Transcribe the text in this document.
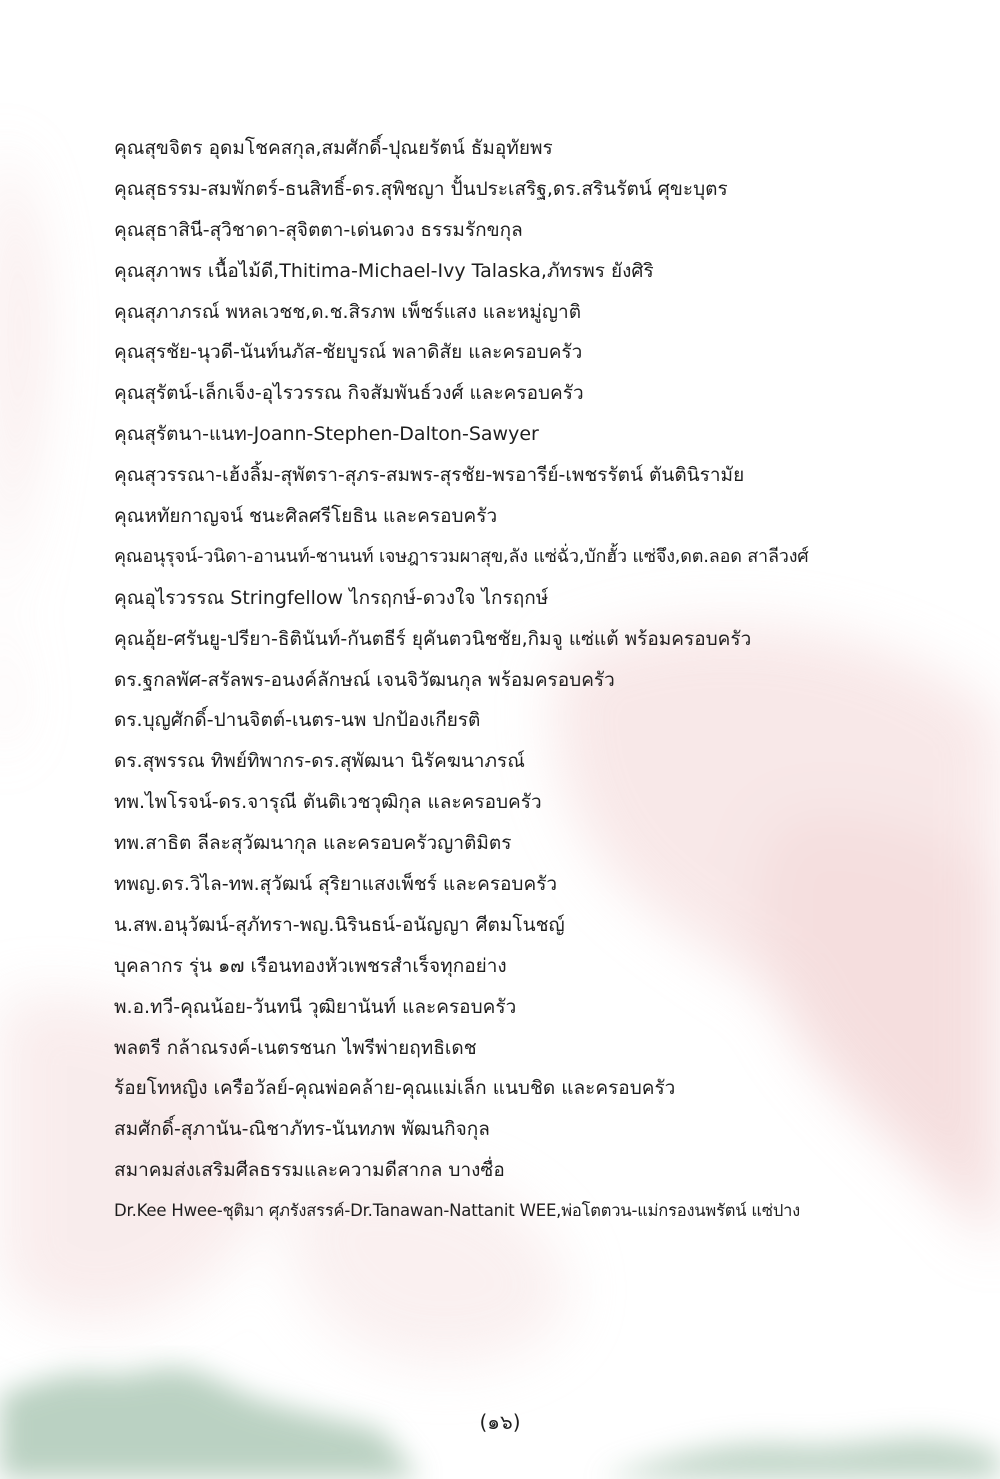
คุณสุขจิตร อุดมโชคสกุล,สมศักดิ์-ปุณยรัตน์ ธัมอุทัยพร
คุณสุธรรม-สมพักตร์-ธนสิทธิ์-ดร.สุพิชญา ปั้นประเสริฐ,ดร.สรินรัตน์ ศุขะบุตร
คุณสุธาสินี-สุวิชาดา-สุจิตตา-เด่นดวง ธรรมรักขกุล
คุณสุภาพร เนื้อไม้ดี,Thitima-Michael-Ivy Talaska,ภัทรพร ยังศิริ
คุณสุภาภรณ์ พหลเวชช,ด.ช.สิรภพ เพ็ชร์แสง และหมู่ญาติ
คุณสุรชัย-นุวดี-นันท์นภัส-ชัยบูรณ์ พลาดิสัย และครอบครัว
คุณสุรัตน์-เล็กเจ็ง-อุไรวรรณ กิจสัมพันธ์วงศ์ และครอบครัว
คุณสุรัตนา-แนท-Joann-Stephen-Dalton-Sawyer
คุณสุวรรณา-เฮ้งลิ้ม-สุพัตรา-สุภร-สมพร-สุรชัย-พรอารีย์-เพชรรัตน์ ตันตินิรามัย
คุณหทัยกาญจน์ ชนะศิลศรีโยธิน และครอบครัว
คุณอนุรุจน์-วนิดา-อานนท์-ชานนท์ เจษฎารวมผาสุข,ลัง แซ่ฉั่ว,บักฮั้ว แซ่จึง,ดต.ลอด สาลีวงศ์
คุณอุไรวรรณ Stringfellow ไกรฤกษ์-ดวงใจ ไกรฤกษ์
คุณอุ้ย-ศรันยู-ปรียา-ธิตินันท์-กันตธีร์ ยุคันตวนิชชัย,กิมจู แซ่แต้ พร้อมครอบครัว
ดร.ฐกลพัศ-สรัลพร-อนงค์ลักษณ์ เจนจิวัฒนกุล พร้อมครอบครัว
ดร.บุญศักดิ์-ปานจิตต์-เนตร-นพ ปกป้องเกียรติ
ดร.สุพรรณ ทิพย์ทิพากร-ดร.สุพัฒนา นิรัคฆนาภรณ์
ทพ.ไพโรจน์-ดร.จารุณี ตันติเวชวุฒิกุล และครอบครัว
ทพ.สาธิต ลีละสุวัฒนากุล และครอบครัวญาติมิตร
ทพญ.ดร.วิไล-ทพ.สุวัฒน์ สุริยาแสงเพ็ชร์ และครอบครัว
น.สพ.อนุวัฒน์-สุภัทรา-พญ.นิรินธน์-อนัญญา ศีตมโนชญ์
บุคลากร รุ่น ๑๗ เรือนทองหัวเพชรสำเร็จทุกอย่าง
พ.อ.ทวี-คุณน้อย-วันทนี วุฒิยานันท์ และครอบครัว
พลตรี กล้าณรงค์-เนตรชนก ไพรีพ่ายฤทธิเดช
ร้อยโทหญิง เครือวัลย์-คุณพ่อคล้าย-คุณแม่เล็ก แนบชิด และครอบครัว
สมศักดิ์-สุภานัน-ณิชาภัทร-นันทภพ พัฒนกิจกุล
สมาคมส่งเสริมศีลธรรมและความดีสากล บางซื่อ
Dr.Kee Hwee-ชุติมา ศุภรังสรรค์-Dr.Tanawan-Nattanit WEE,พ่อโตตวน-แม่กรองนพรัตน์ แซ่ปาง
(๑๖)
